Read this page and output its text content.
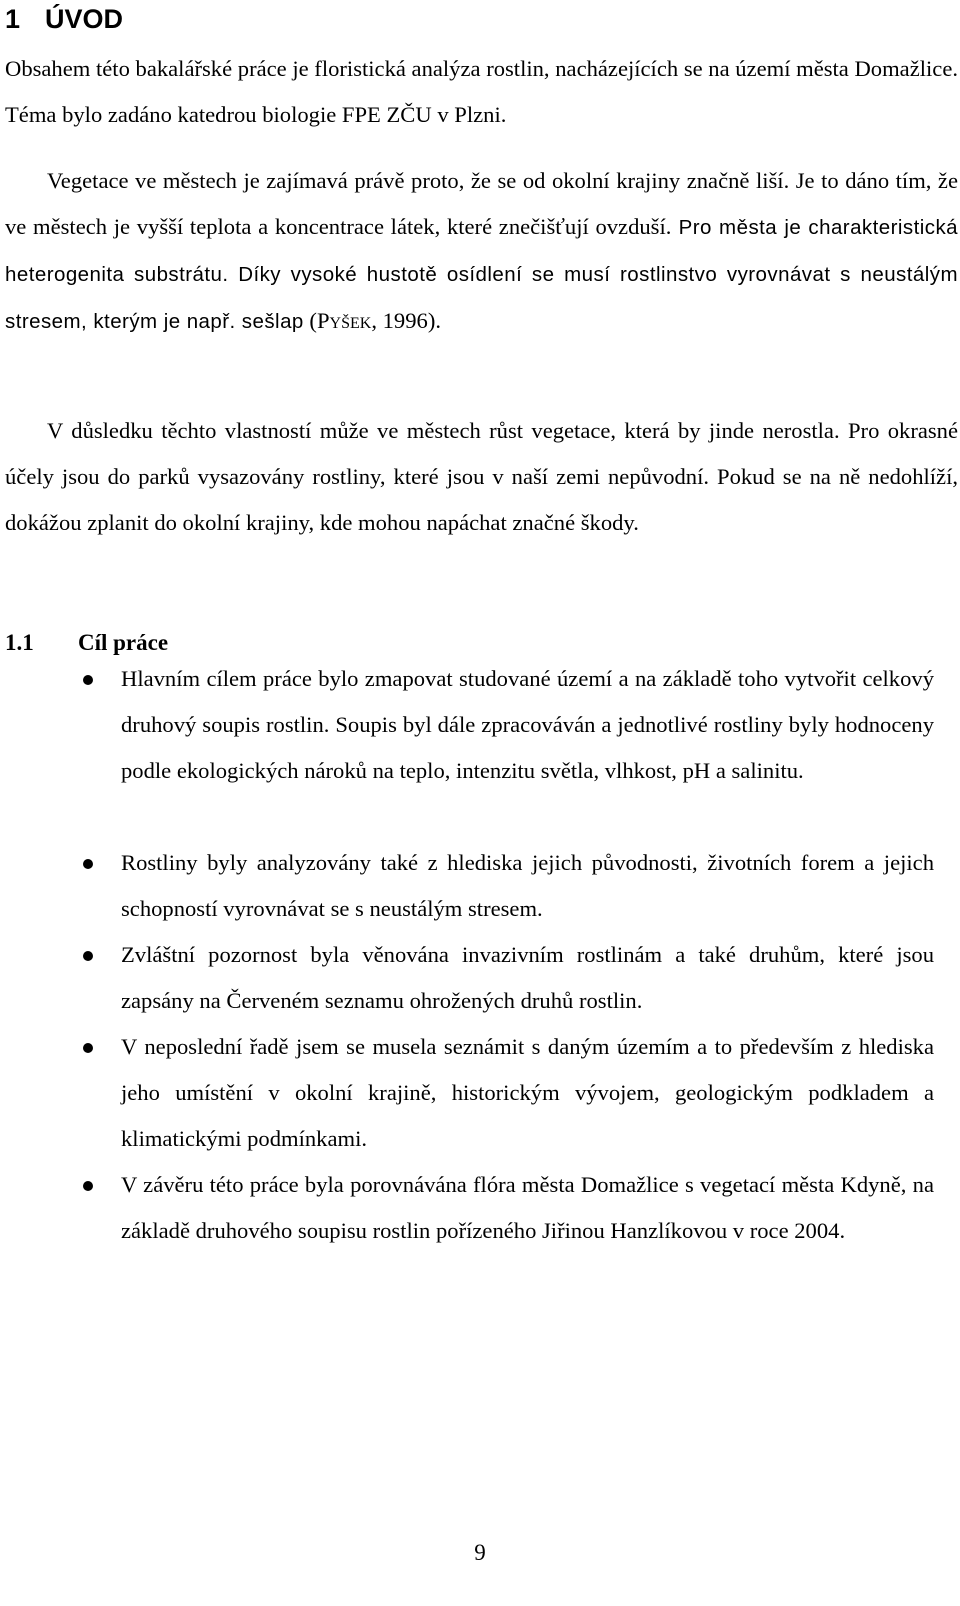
1 ÚVOD

Obsahem této bakalářské práce je floristická analýza rostlin, nacházejících se na území města Domažlice. Téma bylo zadáno katedrou biologie FPE ZČU v Plzni.

Vegetace ve městech je zajímavá právě proto, že se od okolní krajiny značně liší. Je to dáno tím, že ve městech je vyšší teplota a koncentrace látek, které znečišťují ovzduší. Pro města je charakteristická heterogenita substrátu. Díky vysoké hustotě osídlení se musí rostlinstvo vyrovnávat s neustálým stresem, kterým je např. sešlap (Pyšek, 1996).

V důsledku těchto vlastností může ve městech růst vegetace, která by jinde nerostla. Pro okrasné účely jsou do parků vysazovány rostliny, které jsou v naší zemi nepůvodní. Pokud se na ně nedohlíží, dokážou zplanit do okolní krajiny, kde mohou napáchat značné škody.

1.1 Cíl práce

Hlavním cílem práce bylo zmapovat studované území a na základě toho vytvořit celkový druhový soupis rostlin. Soupis byl dále zpracováván a jednotlivé rostliny byly hodnoceny podle ekologických nároků na teplo, intenzitu světla, vlhkost, pH a salinitu.

Rostliny byly analyzovány také z hlediska jejich původnosti, životních forem a jejich schopností vyrovnávat se s neustálým stresem.

Zvláštní pozornost byla věnována invazivním rostlinám a také druhům, které jsou zapsány na Červeném seznamu ohrožených druhů rostlin.

V neposlední řadě jsem se musela seznámit s daným územím a to především z hlediska jeho umístění v okolní krajině, historickým vývojem, geologickým podkladem a klimatickými podmínkami.

V závěru této práce byla porovnávána flóra města Domažlice s vegetací města Kdyně, na základě druhového soupisu rostlin pořízeného Jiřinou Hanzlíkovou v roce 2004.

9
